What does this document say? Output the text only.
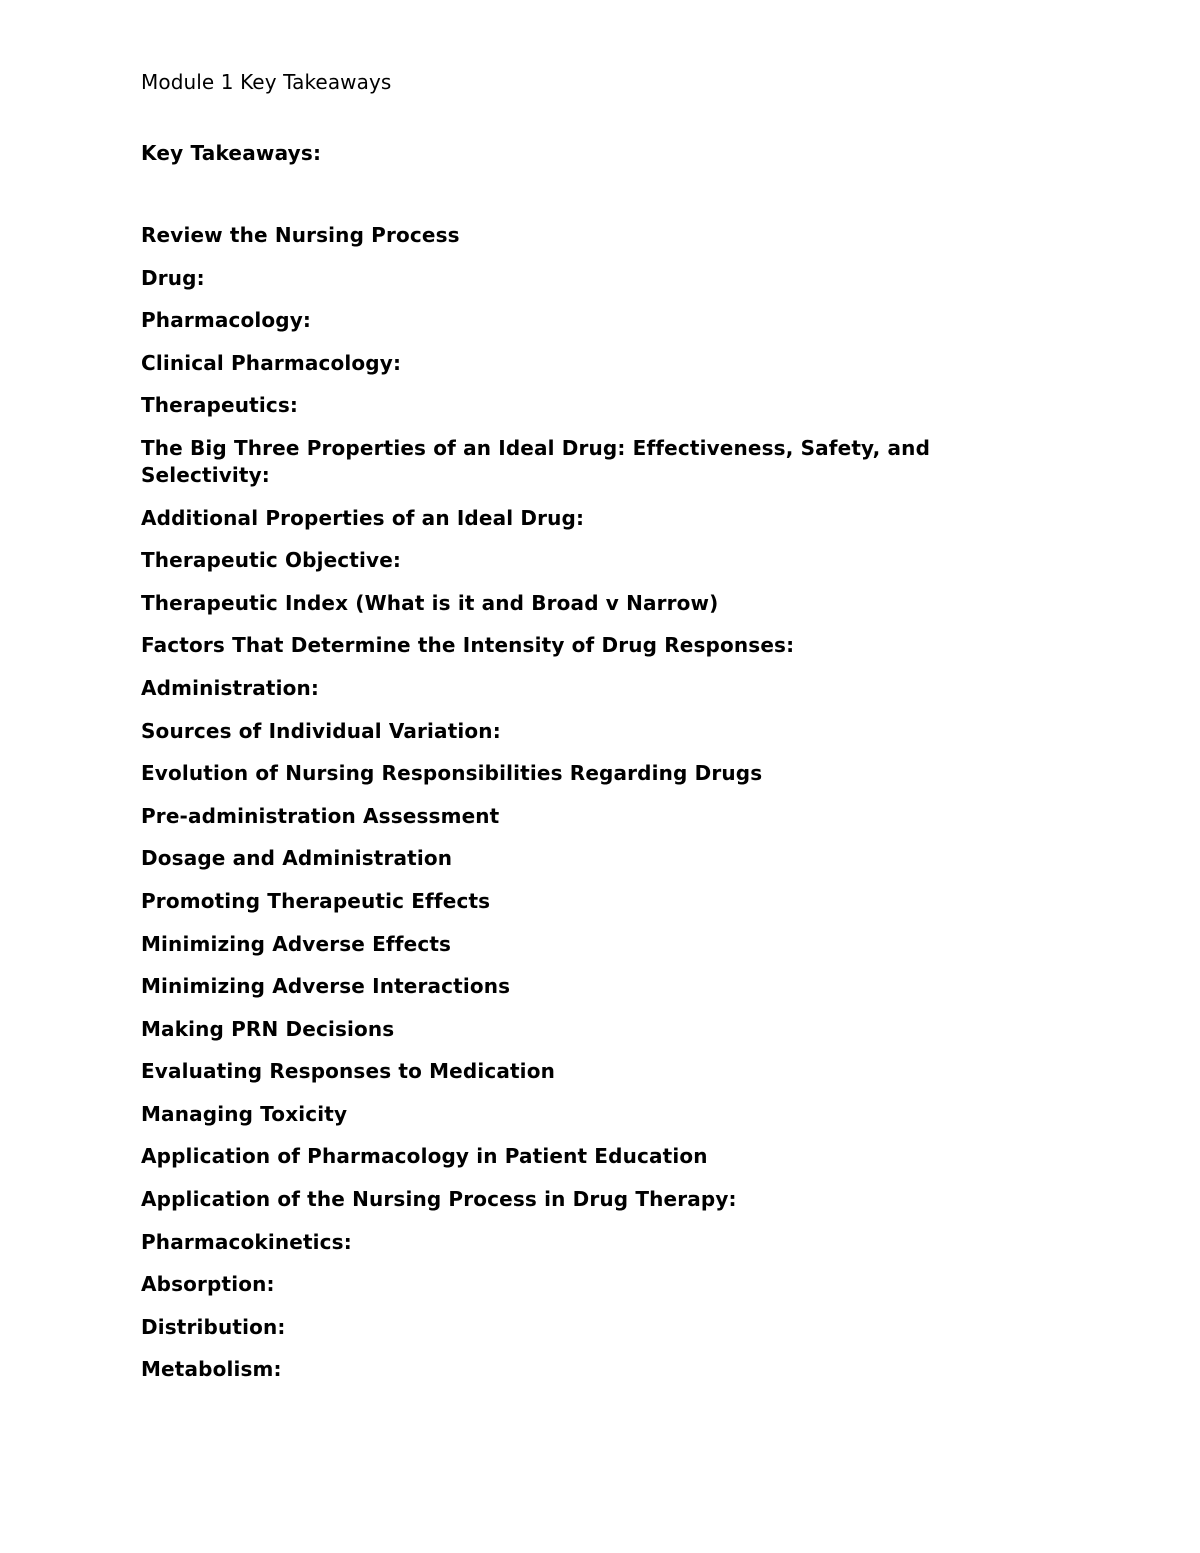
Module 1 Key Takeaways
Key Takeaways:
Review the Nursing Process
Drug:
Pharmacology:
Clinical Pharmacology:
Therapeutics:
The Big Three Properties of an Ideal Drug: Effectiveness, Safety, and Selectivity:
Additional Properties of an Ideal Drug:
Therapeutic Objective:
Therapeutic Index (What is it and Broad v Narrow)
Factors That Determine the Intensity of Drug Responses:
Administration:
Sources of Individual Variation:
Evolution of Nursing Responsibilities Regarding Drugs
Pre-administration Assessment
Dosage and Administration
Promoting Therapeutic Effects
Minimizing Adverse Effects
Minimizing Adverse Interactions
Making PRN Decisions
Evaluating Responses to Medication
Managing Toxicity
Application of Pharmacology in Patient Education
Application of the Nursing Process in Drug Therapy:
Pharmacokinetics:
Absorption:
Distribution:
Metabolism:
